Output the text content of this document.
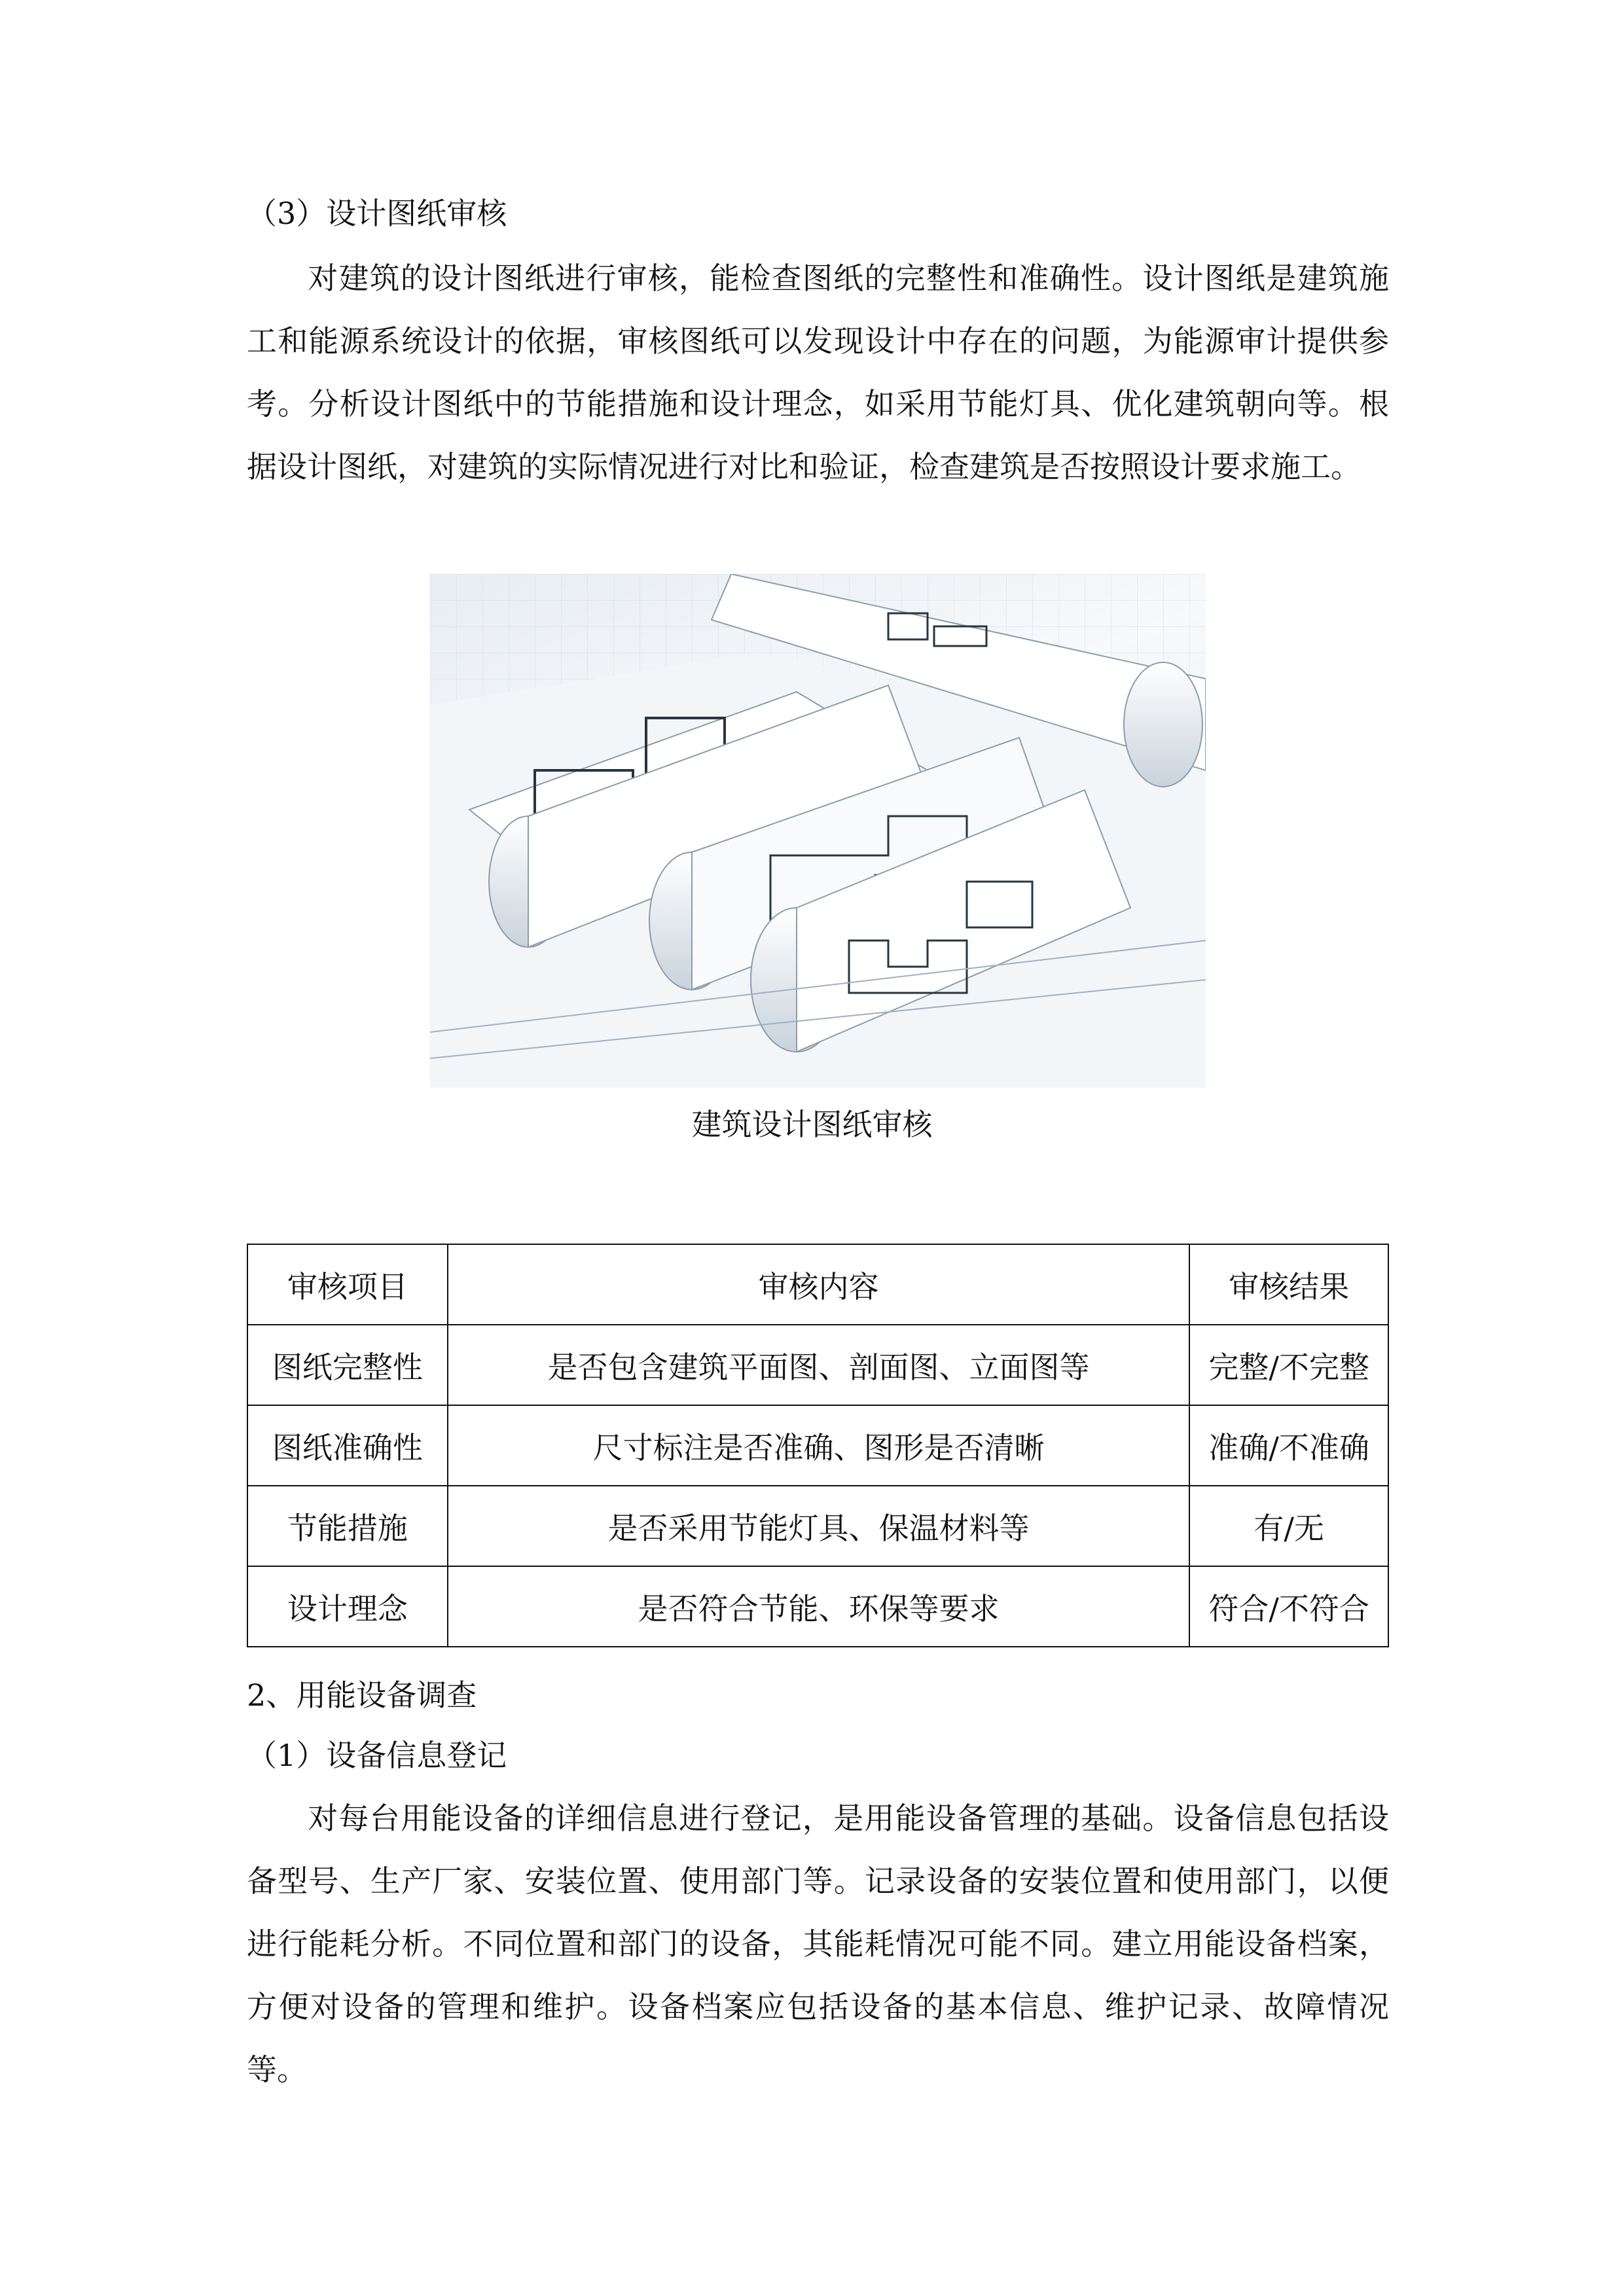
（3）设计图纸审核
对建筑的设计图纸进行审核，能检查图纸的完整性和准确性。设计图纸是建筑施工和能源系统设计的依据，审核图纸可以发现设计中存在的问题，为能源审计提供参考。分析设计图纸中的节能措施和设计理念，如采用节能灯具、优化建筑朝向等。根据设计图纸，对建筑的实际情况进行对比和验证，检查建筑是否按照设计要求施工。
建筑设计图纸审核
审核项目	审核内容	审核结果
图纸完整性	是否包含建筑平面图、剖面图、立面图等	完整/不完整
图纸准确性	尺寸标注是否准确、图形是否清晰	准确/不准确
节能措施	是否采用节能灯具、保温材料等	有/无
设计理念	是否符合节能、环保等要求	符合/不符合
2、用能设备调查
（1）设备信息登记
对每台用能设备的详细信息进行登记，是用能设备管理的基础。设备信息包括设备型号、生产厂家、安装位置、使用部门等。记录设备的安装位置和使用部门，以便进行能耗分析。不同位置和部门的设备，其能耗情况可能不同。建立用能设备档案，方便对设备的管理和维护。设备档案应包括设备的基本信息、维护记录、故障情况等。
